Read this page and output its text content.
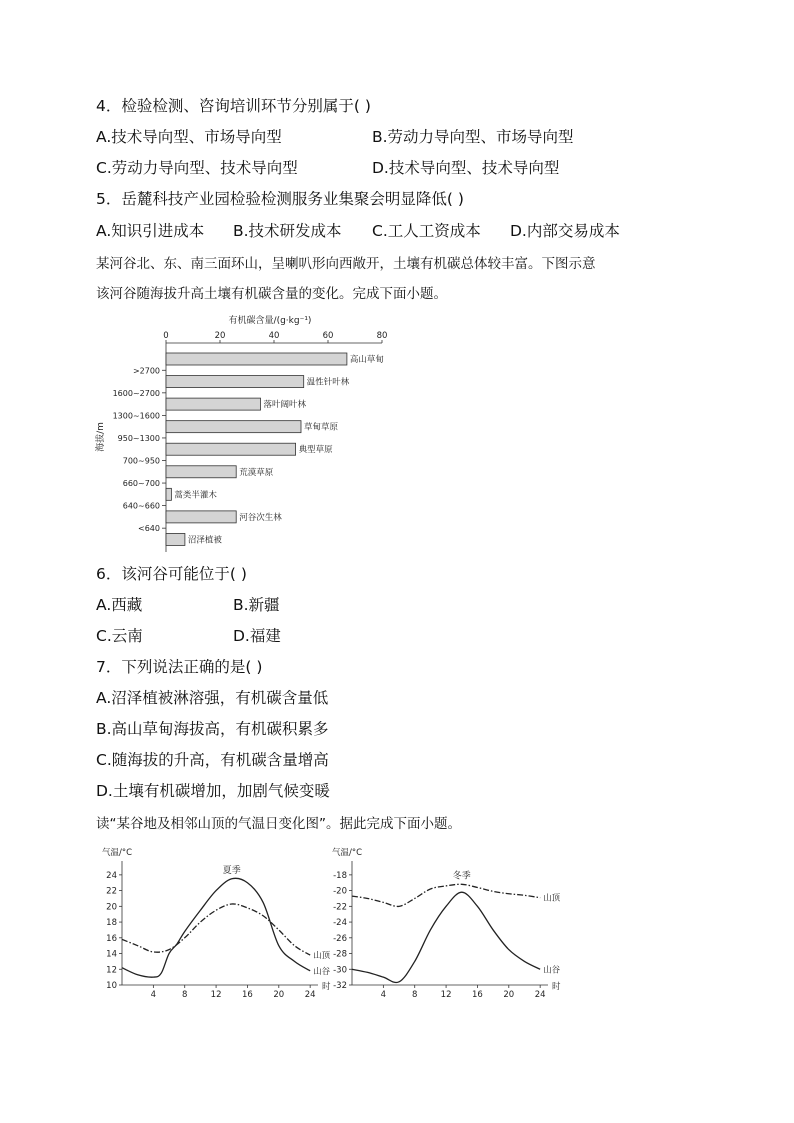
4．检验检测、咨询培训环节分别属于( )
A.技术导向型、市场导向型	B.劳动力导向型、市场导向型
C.劳动力导向型、技术导向型	D.技术导向型、技术导向型
5．岳麓科技产业园检验检测服务业集聚会明显降低( )
A.知识引进成本 B.技术研发成本 C.工人工资成本 D.内部交易成本
某河谷北、东、南三面环山，呈喇叭形向西敞开，土壤有机碳总体较丰富。下图示意
该河谷随海拔升高土壤有机碳含量的变化。完成下面小题。
有机碳含量/(g·kg⁻¹)
海拔/m
0	20	40	60	80
>2700
1600~2700
1300~1600
950~1300
700~950
660~700
640~660
<640
高山草甸
温性针叶林
落叶阔叶林
草甸草原
典型草原
荒漠草原
蒿类半灌木
河谷次生林
沼泽植被
6．该河谷可能位于( )
A.西藏	B.新疆
C.云南	D.福建
7．下列说法正确的是( )
A.沼泽植被淋溶强，有机碳含量低
B.高山草甸海拔高，有机碳积累多
C.随海拔的升高，有机碳含量增高
D.土壤有机碳增加，加剧气候变暖
读“某谷地及相邻山顶的气温日变化图”。据此完成下面小题。
气温/°C
时
10
12
14
16
18
20
22
24
4	8	12 16 20 24
夏季
山谷
山顶
气温/°C
时
-32
-30
-28
-26
-24
-22
-20
-18
4	8	12 16 20 24
冬季
山谷
山顶
